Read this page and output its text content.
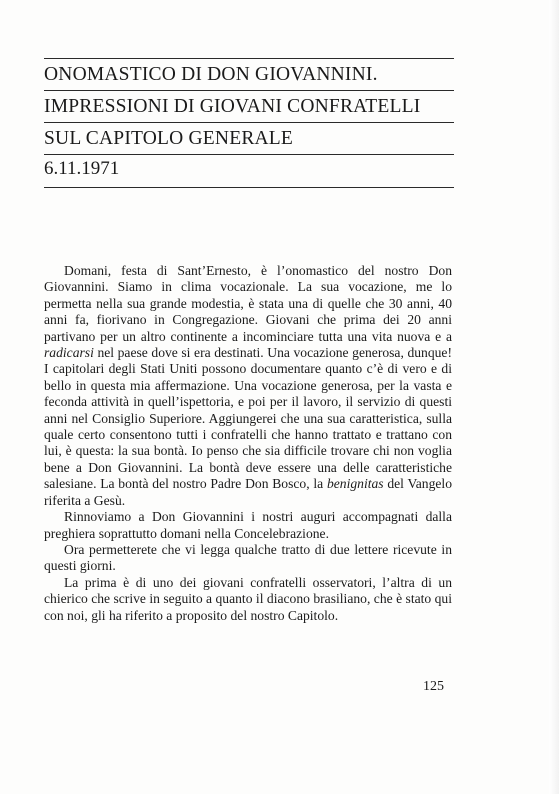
ONOMASTICO DI DON GIOVANNINI.
IMPRESSIONI DI GIOVANI CONFRATELLI
SUL CAPITOLO GENERALE
6.11.1971

Domani, festa di Sant’Ernesto, è l’onomastico del nostro Don Giovannini. Siamo in clima vocazionale. La sua vocazione, me lo permetta nella sua grande modestia, è stata una di quelle che 30 anni, 40 anni fa, fiorivano in Congregazione. Giovani che prima dei 20 anni partivano per un altro continente a incominciare tutta una vita nuova e a radicarsi nel paese dove si era destinati. Una vocazione generosa, dunque! I capitolari degli Stati Uniti possono documentare quanto c’è di vero e di bello in questa mia affermazione. Una vocazione generosa, per la vasta e feconda attività in quell’ispettoria, e poi per il lavoro, il servizio di questi anni nel Consiglio Superiore. Aggiungerei che una sua caratteristica, sulla quale certo consentono tutti i confratelli che hanno trattato e trattano con lui, è questa: la sua bontà. Io penso che sia difficile trovare chi non voglia bene a Don Giovannini. La bontà deve essere una delle caratteristiche salesiane. La bontà del nostro Padre Don Bosco, la benignitas del Vangelo riferita a Gesù.

Rinnoviamo a Don Giovannini i nostri auguri accompagnati dalla preghiera soprattutto domani nella Concelebrazione.

Ora permetterete che vi legga qualche tratto di due lettere ricevute in questi giorni.

La prima è di uno dei giovani confratelli osservatori, l’altra di un chierico che scrive in seguito a quanto il diacono brasiliano, che è stato qui con noi, gli ha riferito a proposito del nostro Capitolo.

125
